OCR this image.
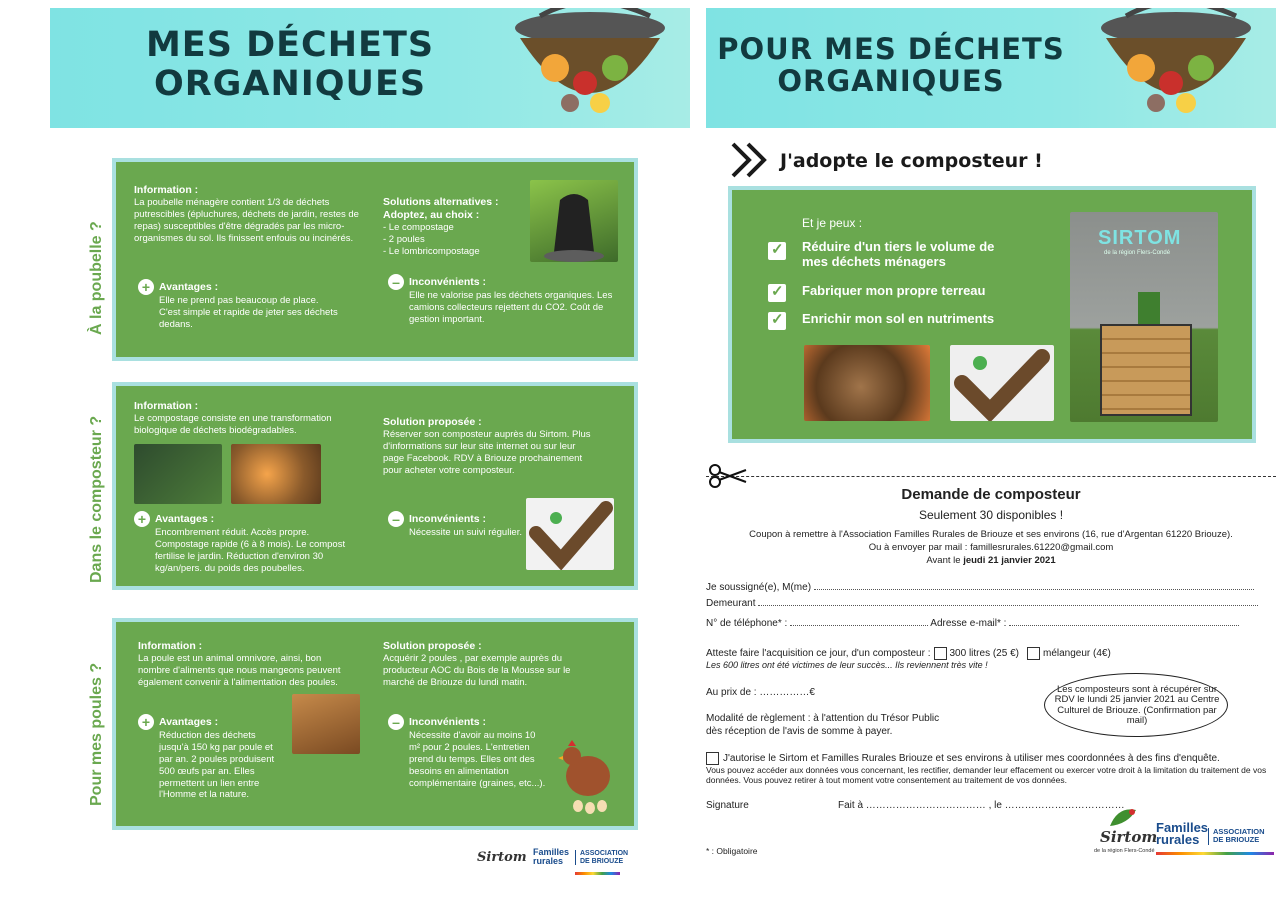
MES DÉCHETS ORGANIQUES
À la poubelle ?
Information :
La poubelle ménagère contient 1/3 de déchets putrescibles (épluchures, déchets de jardin, restes de repas) susceptibles d'être dégradés par les micro-organismes du sol. Ils finissent enfouis ou incinérés.
Solutions alternatives :
Adoptez, au choix :
- Le compostage
- 2 poules
- Le lombricompostage
+ Avantages :
Elle ne prend pas beaucoup de place. C'est simple et rapide de jeter ses déchets dedans.
– Inconvénients :
Elle ne valorise pas les déchets organiques. Les camions collecteurs rejettent du CO2. Coût de gestion important.
Dans le composteur ?
Information :
Le compostage consiste en une transformation biologique de déchets biodégradables.
Solution proposée :
Réserver son composteur auprès du Sirtom. Plus d'informations sur leur site internet ou sur leur page Facebook. RDV à Briouze prochainement pour acheter votre composteur.
+ Avantages :
Encombrement réduit. Accès propre. Compostage rapide (6 à 8 mois). Le compost fertilise le jardin. Réduction d'environ 30 kg/an/pers. du poids des poubelles.
– Inconvénients :
Nécessite un suivi régulier.
Pour mes poules ?
Information :
La poule est un animal omnivore, ainsi, bon nombre d'aliments que nous mangeons peuvent également convenir à l'alimentation des poules.
Solution proposée :
Acquérir 2 poules , par exemple auprès du producteur AOC du Bois de la Mousse sur le marché de Briouze du lundi matin.
+ Avantages :
Réduction des déchets jusqu'à 150 kg par poule et par an. 2 poules produisent 500 œufs par an. Elles permettent un lien entre l'Homme et la nature.
– Inconvénients :
Nécessite d'avoir au moins 10 m² pour 2 poules. L'entretien prend du temps. Elles ont des besoins en alimentation complémentaire (graines, etc...).
Sirtom Familles
rurales
ASSOCIATION
DE BRIOUZE
POUR MES DÉCHETS ORGANIQUES
J'adopte le composteur !
Et je peux :
✓
Réduire d'un tiers le volume de mes déchets ménagers
✓
Fabriquer mon propre terreau
✓
Enrichir mon sol en nutriments
SIRTOM
de la région Flers-Condé
Demande de composteur
Seulement 30 disponibles !
Coupon à remettre à l'Association Familles Rurales de Briouze et ses environs (16, rue d'Argentan 61220 Briouze).
Ou à envoyer par mail : famillesrurales.61220@gmail.com
Avant le jeudi 21 janvier 2021
Je soussigné(e), M(me)
Demeurant
N° de téléphone* :	Adresse e-mail* :
Atteste faire l'acquisition ce jour, d'un composteur : 300 litres (25 €) mélangeur (4€)
Les 600 litres ont été victimes de leur succès... Ils reviennent très vite !
Au prix de : ……………€	Les composteurs sont à récupérer sur RDV le lundi 25 janvier 2021 au Centre Culturel de Briouze. (Confirmation par mail)
Modalité de règlement : à l'attention du Trésor Public
dès réception de l'avis de somme à payer.
J'autorise le Sirtom et Familles Rurales Briouze et ses environs à utiliser mes coordonnées à des fins d'enquête.
Vous pouvez accéder aux données vous concernant, les rectifier, demander leur effacement ou exercer votre droit à la limitation du traitement de vos données. Vous pouvez retirer à tout moment votre consentement au traitement de vos données.
Signature	Fait à ……………………………… , le ………………………………
* : Obligatoire
Sirtom
de la région Flers-Condé
Familles
rurales
ASSOCIATION
DE BRIOUZE
